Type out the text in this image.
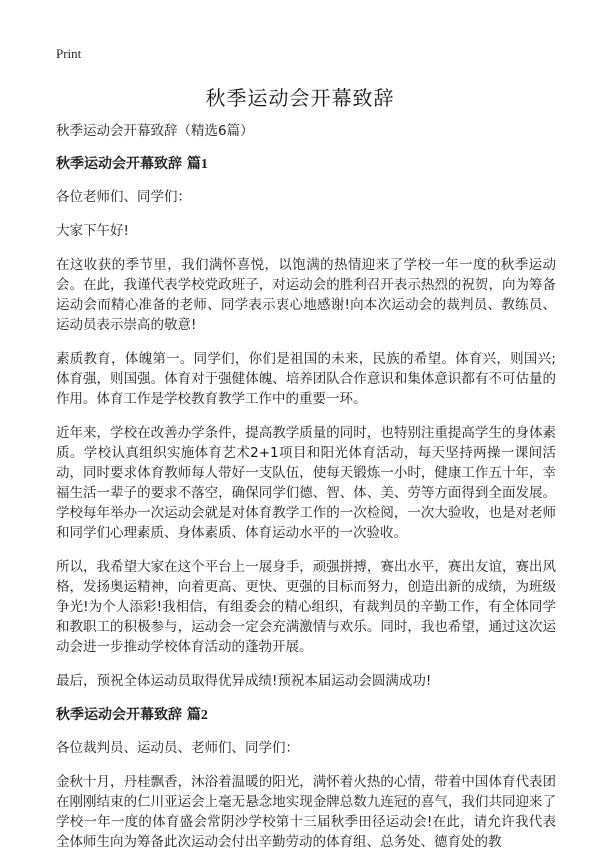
Print
秋季运动会开幕致辞

秋季运动会开幕致辞（精选6篇）

秋季运动会开幕致辞 篇1

各位老师们、同学们：

大家下午好!

在这收获的季节里，我们满怀喜悦，以饱满的热情迎来了学校一年一度的秋季运动会。在此，我谨代表学校党政班子，对运动会的胜利召开表示热烈的祝贺，向为筹备运动会而精心准备的老师、同学表示衷心地感谢!向本次运动会的裁判员、教练员、运动员表示崇高的敬意!

素质教育，体魄第一。同学们，你们是祖国的未来，民族的希望。体育兴，则国兴;体育强，则国强。体育对于强健体魄、培养团队合作意识和集体意识都有不可估量的作用。体育工作是学校教育教学工作中的重要一环。

近年来，学校在改善办学条件，提高教学质量的同时，也特别注重提高学生的身体素质。学校认真组织实施体育艺术2+1项目和阳光体育活动，每天坚持两操一课间活动，同时要求体育教师每人带好一支队伍，使每天锻炼一小时，健康工作五十年，幸福生活一辈子的要求不落空，确保同学们德、智、体、美、劳等方面得到全面发展。学校每年举办一次运动会就是对体育教学工作的一次检阅，一次大验收，也是对老师和同学们心理素质、身体素质、体育运动水平的一次验收。

所以，我希望大家在这个平台上一展身手，顽强拼搏，赛出水平，赛出友谊，赛出风格，发扬奥运精神，向着更高、更快、更强的目标而努力，创造出新的成绩，为班级争光!为个人添彩!我相信，有组委会的精心组织，有裁判员的辛勤工作，有全体同学和教职工的积极参与，运动会一定会充满激情与欢乐。同时，我也希望，通过这次运动会进一步推动学校体育活动的蓬勃开展。

最后，预祝全体运动员取得优异成绩!预祝本届运动会圆满成功!

秋季运动会开幕致辞 篇2

各位裁判员、运动员、老师们、同学们：

金秋十月，丹桂飘香，沐浴着温暖的阳光，满怀着火热的心情，带着中国体育代表团在刚刚结束的仁川亚运会上毫无悬念地实现金牌总数九连冠的喜气，我们共同迎来了学校一年一度的体育盛会常阴沙学校第十三届秋季田径运动会!在此，请允许我代表全体师生向为筹备此次运动会付出辛勤劳动的体育组、总务处、德育处的教
